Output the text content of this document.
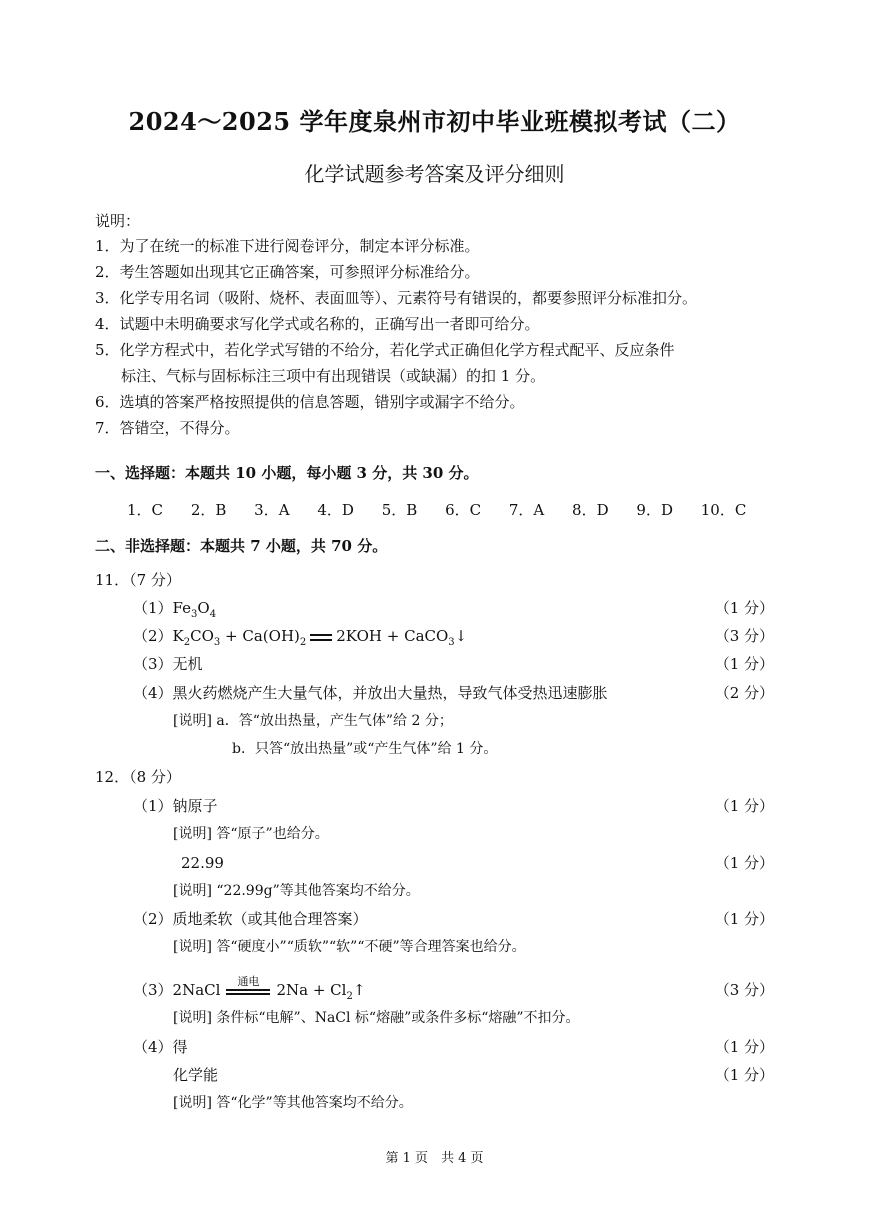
2024～2025 学年度泉州市初中毕业班模拟考试（二）
化学试题参考答案及评分细则
说明：
1．为了在统一的标准下进行阅卷评分，制定本评分标准。
2．考生答题如出现其它正确答案，可参照评分标准给分。
3．化学专用名词（吸附、烧杯、表面皿等）、元素符号有错误的，都要参照评分标准扣分。
4．试题中未明确要求写化学式或名称的，正确写出一者即可给分。
5．化学方程式中，若化学式写错的不给分，若化学式正确但化学方程式配平、反应条件
标注、气标与固标标注三项中有出现错误（或缺漏）的扣 1 分。
6．选填的答案严格按照提供的信息答题，错别字或漏字不给分。
7．答错空，不得分。
一、选择题：本题共 10 小题，每小题 3 分，共 30 分。
1．C 2．B 3．A 4．D 5．B 6．C 7．A 8．D 9．D 10．C
二、非选择题：本题共 7 小题，共 70 分。
11．（7 分）
$(1)Fe_3O_4$	（1 分）
$(2)K_2CO_3 + Ca(OH)_2$ 2KOH + CaCO$_3$↓	（3 分）
（3）无机	（1 分）
（4）黑火药燃烧产生大量气体，并放出大量热，导致气体受热迅速膨胀	（2 分）
[说明] a．答“放出热量，产生气体”给 2 分；
b．只答“放出热量”或“产生气体”给 1 分。
12．（8 分）
（1）钠原子	（1 分）
[说明] 答“原子”也给分。
22.99	（1 分）
[说明] “22.99g”等其他答案均不给分。
（2）质地柔软（或其他合理答案）	（1 分）
[说明] 答“硬度小”“质软”“软”“不硬”等合理答案也给分。
（3）2NaCl	通电	$2Na + Cl_2↑$	（3 分）
[说明] 条件标“电解”、NaCl 标“熔融”或条件多标“熔融”不扣分。
（4）得	（1 分）
化学能	（1 分）
[说明] 答“化学”等其他答案均不给分。
第 1 页　共 4 页
